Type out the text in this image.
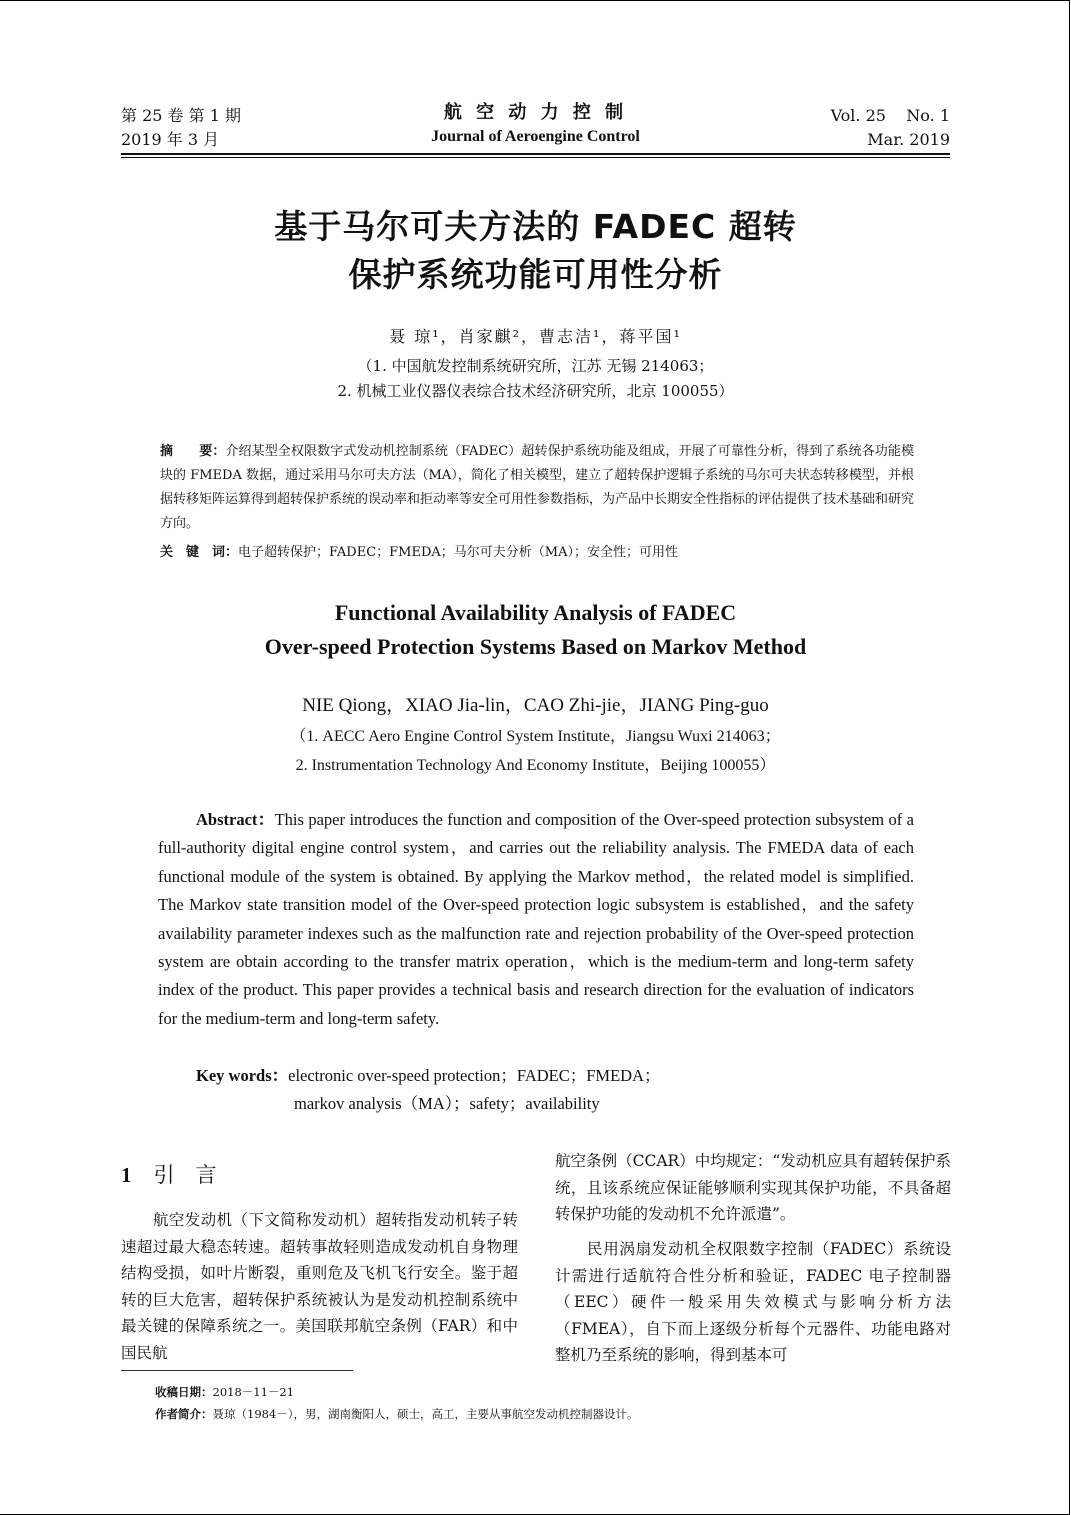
第 25 卷 第 1 期
2019 年 3 月
航 空 动 力 控 制
Journal of Aeroengine Control
Vol. 25    No. 1
Mar. 2019
基于马尔可夫方法的 FADEC 超转
保护系统功能可用性分析
聂 琼¹，肖家麒²，曹志洁¹，蒋平国¹
（1. 中国航发控制系统研究所，江苏 无锡 214063；
2. 机械工业仪器仪表综合技术经济研究所，北京 100055）
摘　　要：介绍某型全权限数字式发动机控制系统（FADEC）超转保护系统功能及组成，开展了可靠性分析，得到了系统各功能模块的 FMEDA 数据，通过采用马尔可夫方法（MA），简化了相关模型，建立了超转保护逻辑子系统的马尔可夫状态转移模型，并根据转移矩阵运算得到超转保护系统的误动率和拒动率等安全可用性参数指标，为产品中长期安全性指标的评估提供了技术基础和研究方向。
关　键　词：电子超转保护；FADEC；FMEDA；马尔可夫分析（MA）；安全性；可用性
Functional Availability Analysis of FADEC
Over-speed Protection Systems Based on Markov Method
NIE Qiong，XIAO Jia-lin，CAO Zhi-jie，JIANG Ping-guo
（1. AECC Aero Engine Control System Institute，Jiangsu Wuxi 214063；
2. Instrumentation Technology And Economy Institute，Beijing 100055）
Abstract：This paper introduces the function and composition of the Over-speed protection subsystem of a full-authority digital engine control system，and carries out the reliability analysis. The FMEDA data of each functional module of the system is obtained. By applying the Markov method，the related model is simplified. The Markov state transition model of the Over-speed protection logic subsystem is established，and the safety availability parameter indexes such as the malfunction rate and rejection probability of the Over-speed protection system are obtain according to the transfer matrix operation，which is the medium-term and long-term safety index of the product. This paper provides a technical basis and research direction for the evaluation of indicators for the medium-term and long-term safety.
Key words：electronic over-speed protection；FADEC；FMEDA；
markov analysis（MA）；safety；availability
1 引　言
航空发动机（下文简称发动机）超转指发动机转子转速超过最大稳态转速。超转事故轻则造成发动机自身物理结构受损，如叶片断裂，重则危及飞机飞行安全。鉴于超转的巨大危害，超转保护系统被认为是发动机控制系统中最关键的保障系统之一。美国联邦航空条例（FAR）和中国民航
航空条例（CCAR）中均规定：“发动机应具有超转保护系统，且该系统应保证能够顺利实现其保护功能，不具备超转保护功能的发动机不允许派遣”。
民用涡扇发动机全权限数字控制（FADEC）系统设计需进行适航符合性分析和验证，FADEC 电子控制器（EEC）硬件一般采用失效模式与影响分析方法（FMEA），自下而上逐级分析每个元器件、功能电路对整机乃至系统的影响，得到基本可
收稿日期：2018－11－21
作者简介：聂琼（1984－），男，湖南衡阳人，硕士，高工，主要从事航空发动机控制器设计。
